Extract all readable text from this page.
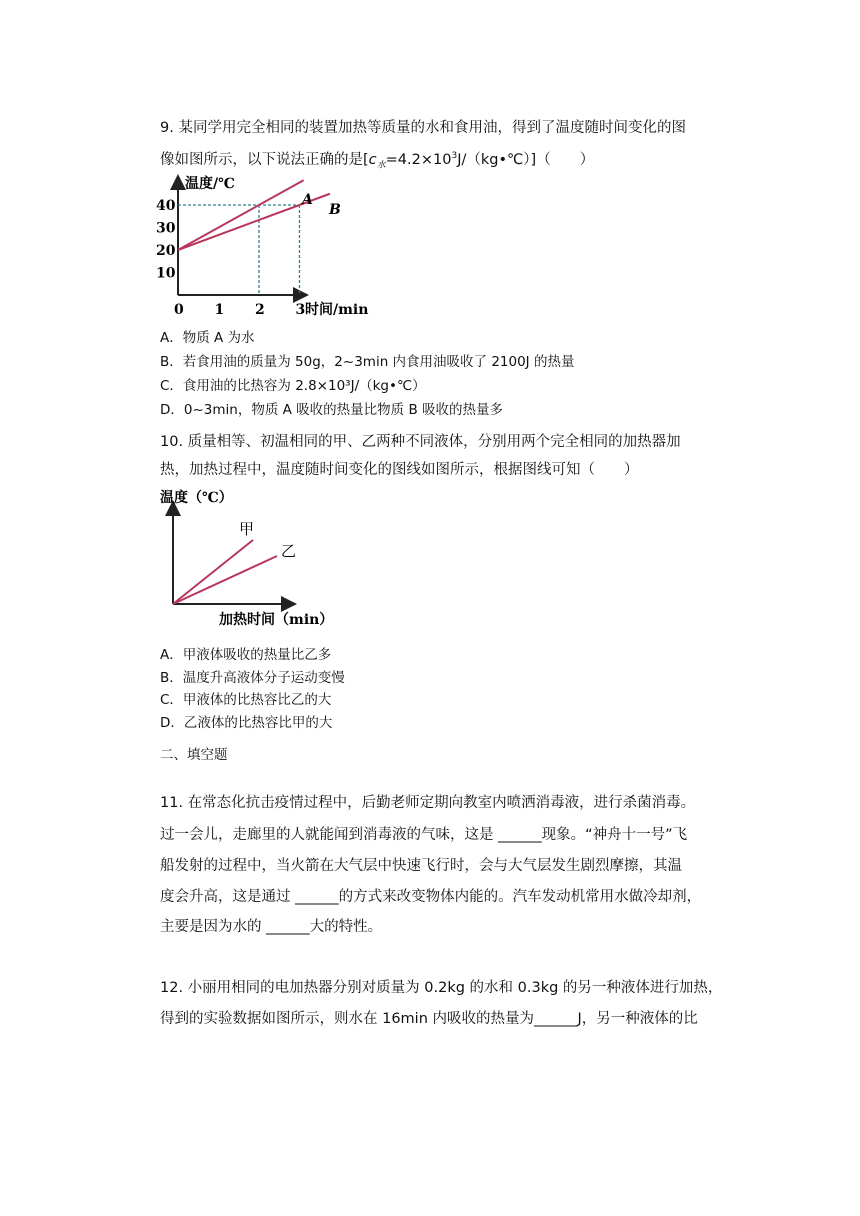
9. 某同学用完全相同的装置加热等质量的水和食用油，得到了温度随时间变化的图
像如图所示，以下说法正确的是$[c_水=4.2\times 10^3J/(kg•℃)]$（　　）
10
20
30
40
0 1 2 3
温度/℃
时间/min
A
B
A．物质 A 为水
B．若食用油的质量为 50g，2~3min 内食用油吸收了 2100J 的热量
C．食用油的比热容为 2.8×10³J/（kg•℃）
D．0~3min，物质 A 吸收的热量比物质 B 吸收的热量多
10. 质量相等、初温相同的甲、乙两种不同液体，分别用两个完全相同的加热器加
热，加热过程中，温度随时间变化的图线如图所示，根据图线可知（　　）
温度（℃）
加热时间（min）
甲
乙
A．甲液体吸收的热量比乙多
B．温度升高液体分子运动变慢
C．甲液体的比热容比乙的大
D．乙液体的比热容比甲的大
二、填空题
11. 在常态化抗击疫情过程中，后勤老师定期向教室内喷洒消毒液，进行杀菌消毒。
过一会儿，走廊里的人就能闻到消毒液的气味，这是 ______现象。“神舟十一号”飞
船发射的过程中，当火箭在大气层中快速飞行时，会与大气层发生剧烈摩擦，其温
度会升高，这是通过 ______的方式来改变物体内能的。汽车发动机常用水做冷却剂，
主要是因为水的 ______大的特性。
12. 小丽用相同的电加热器分别对质量为 0.2kg 的水和 0.3kg 的另一种液体进行加热，
得到的实验数据如图所示，则水在 16min 内吸收的热量为______J，另一种液体的比
